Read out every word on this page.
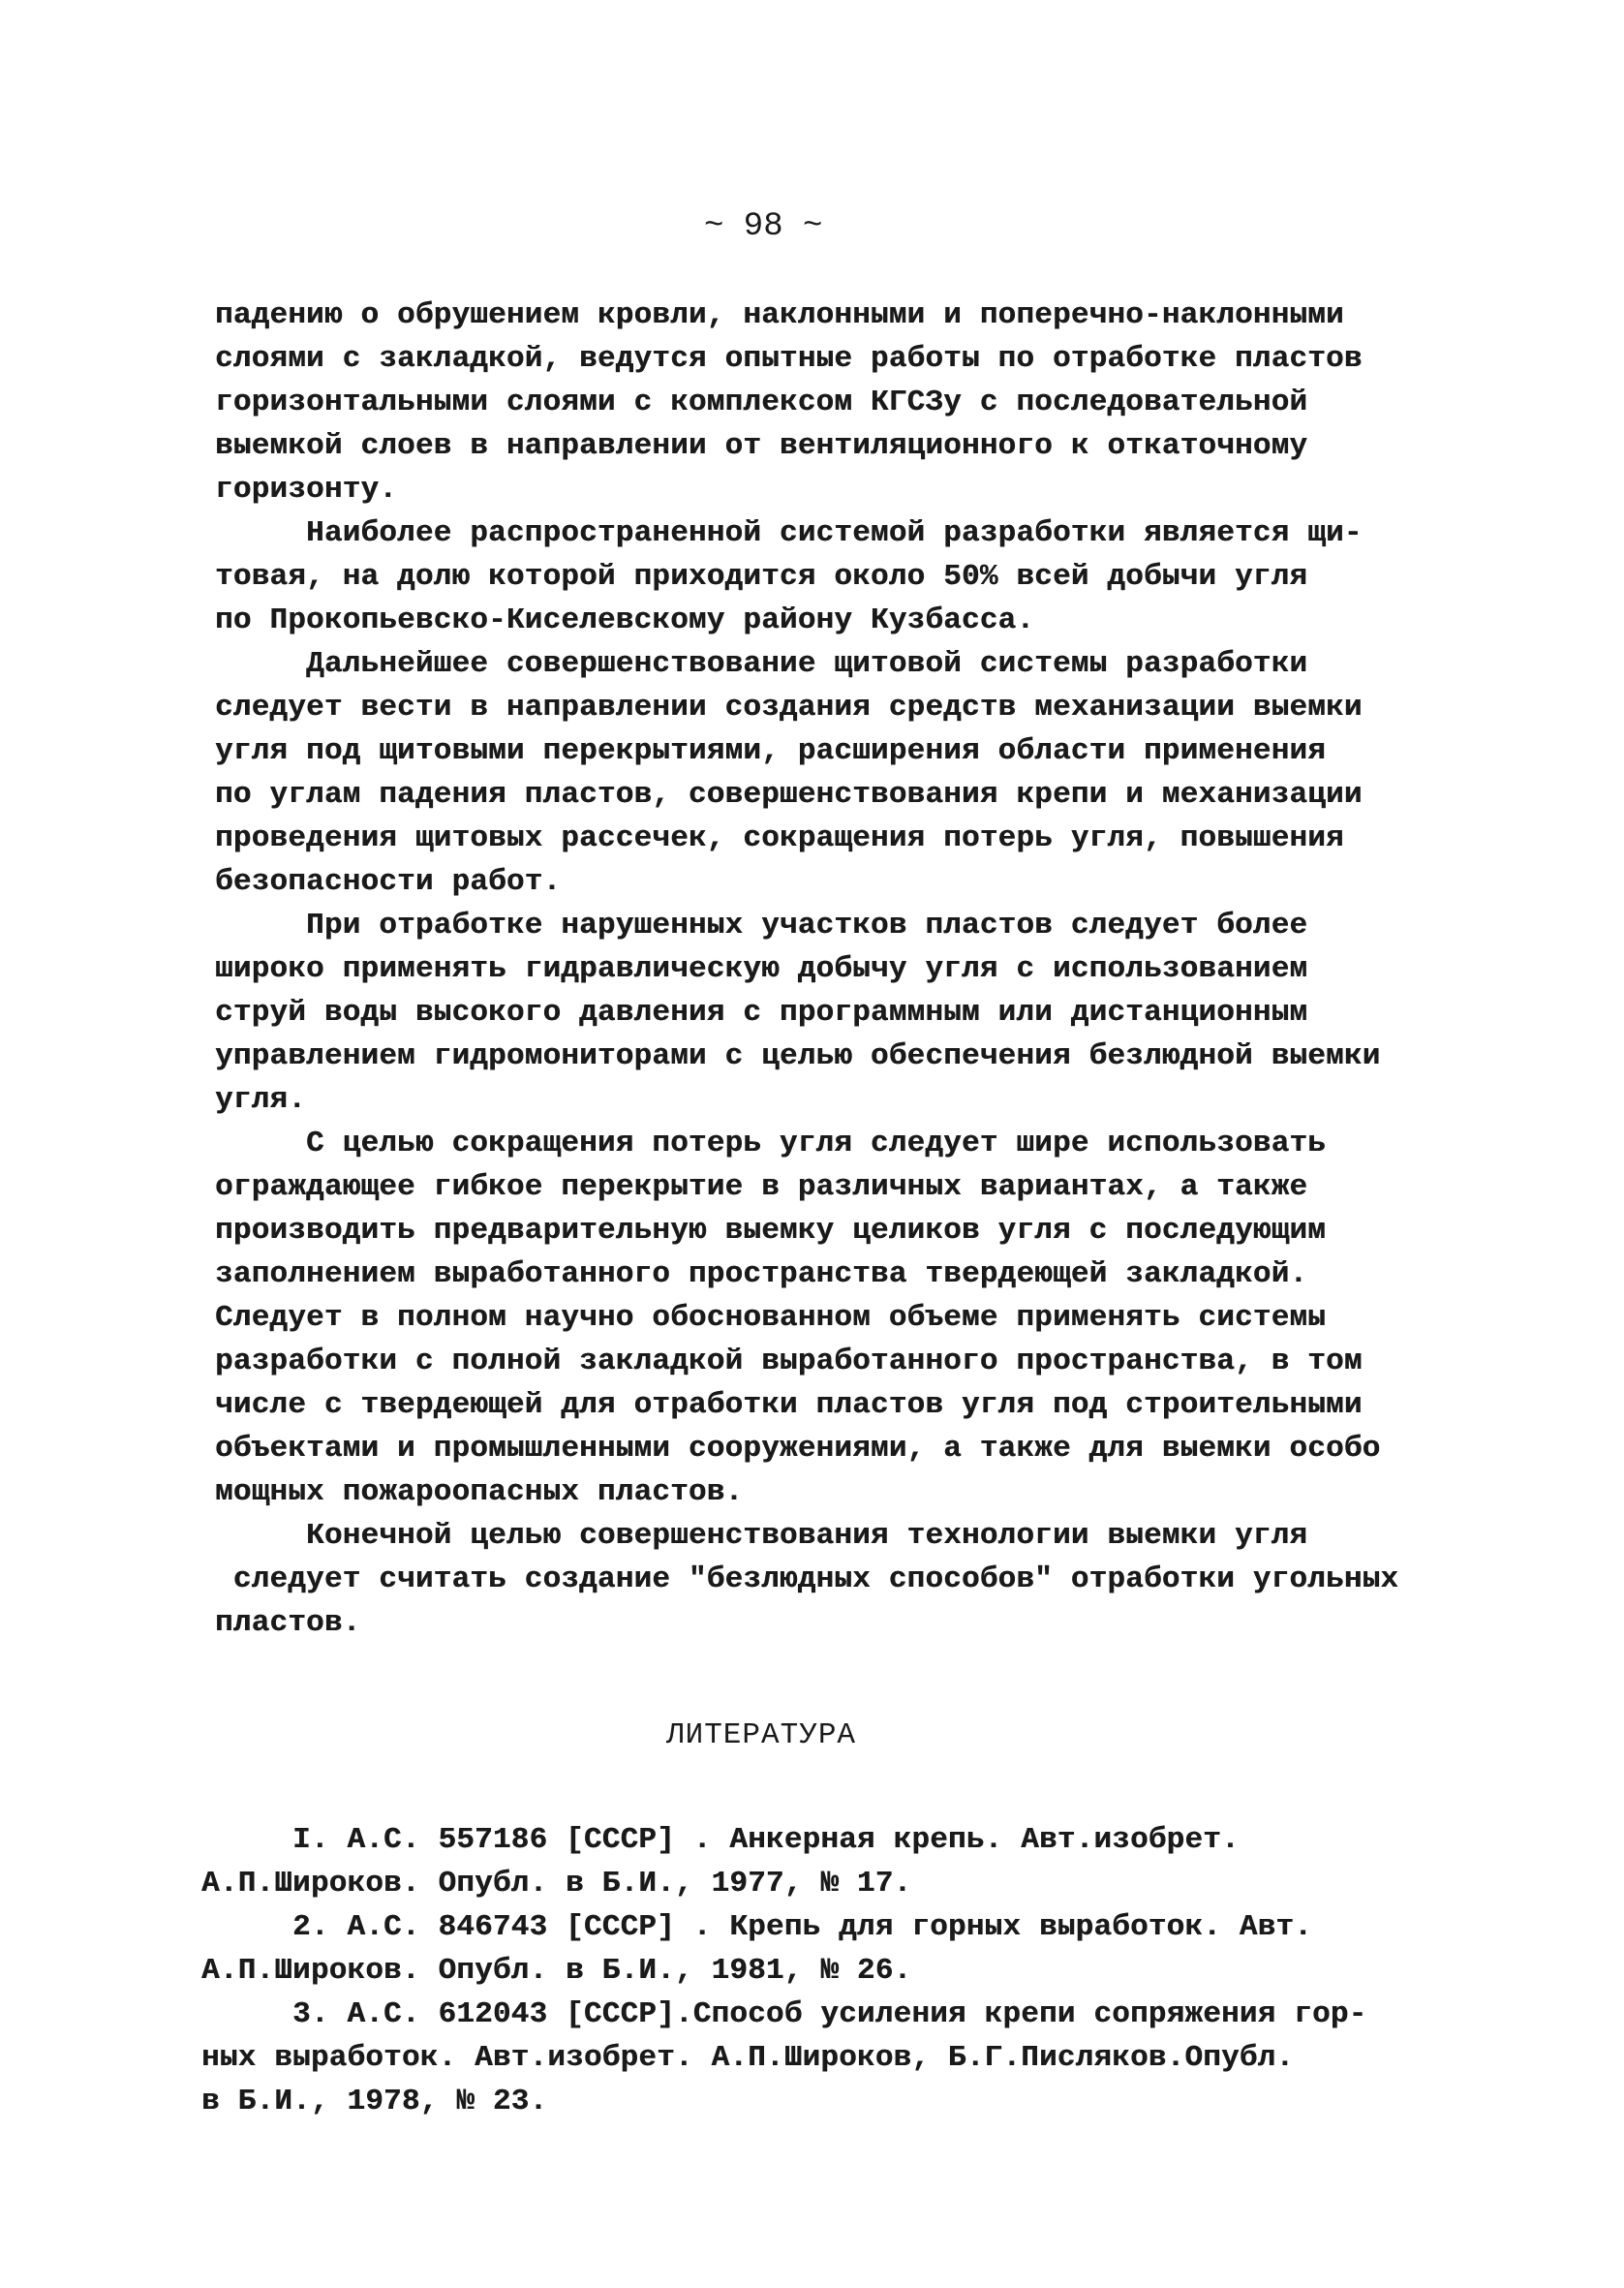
~ 98 ~
падению о обрушением кровли, наклонными и поперечно-наклонными
слоями с закладкой, ведутся опытные работы по отработке пластов
горизонтальными слоями с комплексом КГСЗу с последовательной
выемкой слоев в направлении от вентиляционного к откаточному
горизонту.
Наиболее распространенной системой разработки является щи-
товая, на долю которой приходится около 50% всей добычи угля
по Прокопьевско-Киселевскому району Кузбасса.
Дальнейшее совершенствование щитовой системы разработки
следует вести в направлении создания средств механизации выемки
угля под щитовыми перекрытиями, расширения области применения
по углам падения пластов, совершенствования крепи и механизации
проведения щитовых рассечек, сокращения потерь угля, повышения
безопасности работ.
При отработке нарушенных участков пластов следует более
широко применять гидравлическую добычу угля с использованием
струй воды высокого давления с программным или дистанционным
управлением гидромониторами с целью обеспечения безлюдной выемки
угля.
С целью сокращения потерь угля следует шире использовать
ограждающее гибкое перекрытие в различных вариантах, а также
производить предварительную выемку целиков угля с последующим
заполнением выработанного пространства твердеющей закладкой.
Следует в полном научно обоснованном объеме применять системы
разработки с полной закладкой выработанного пространства, в том
числе с твердеющей для отработки пластов угля под строительными
объектами и промышленными сооружениями, а также для выемки особо
мощных пожароопасных пластов.
Конечной целью совершенствования технологии выемки угля
следует считать создание "безлюдных способов" отработки угольных
пластов.
ЛИТЕРАТУРА
I. А.С. 557186 [СССР] . Анкерная крепь. Авт.изобрет.
А.П.Широков. Опубл. в Б.И., 1977, № 17.
2. А.С. 846743 [СССР] . Крепь для горных выработок. Авт.
А.П.Широков. Опубл. в Б.И., 1981, № 26.
3. А.С. 612043 [СССР].Способ усиления крепи сопряжения гор-
ных выработок. Авт.изобрет. А.П.Широков, Б.Г.Писляков.Опубл.
в Б.И., 1978, № 23.
